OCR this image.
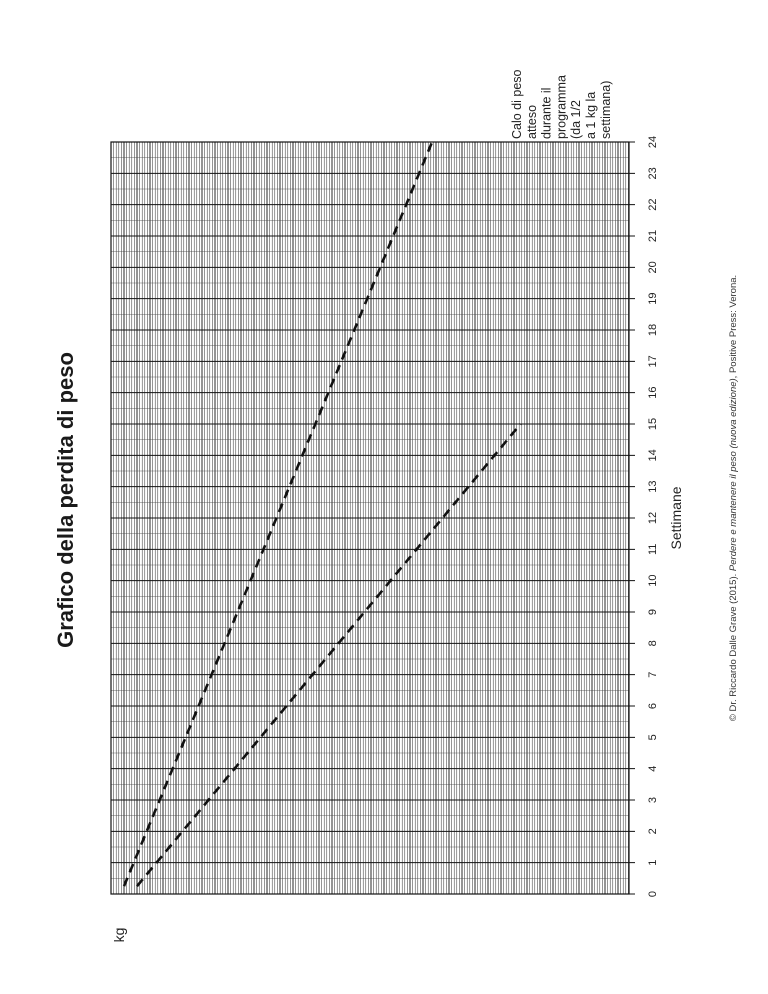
0
1
2
3
4
5
6
7
8
9
10
11
12
13
14
15
16
17
18
19
20
21
22
23
24
Grafico della perdita di peso
kg
Settimane
Calo di pesoattesodurante ilprogramma(da 1/2a 1 kg lasettimana)
© Dr. Riccardo Dalle Grave (2015). Perdere e mantenere il peso (nuova edizione), Positive Press: Verona.
